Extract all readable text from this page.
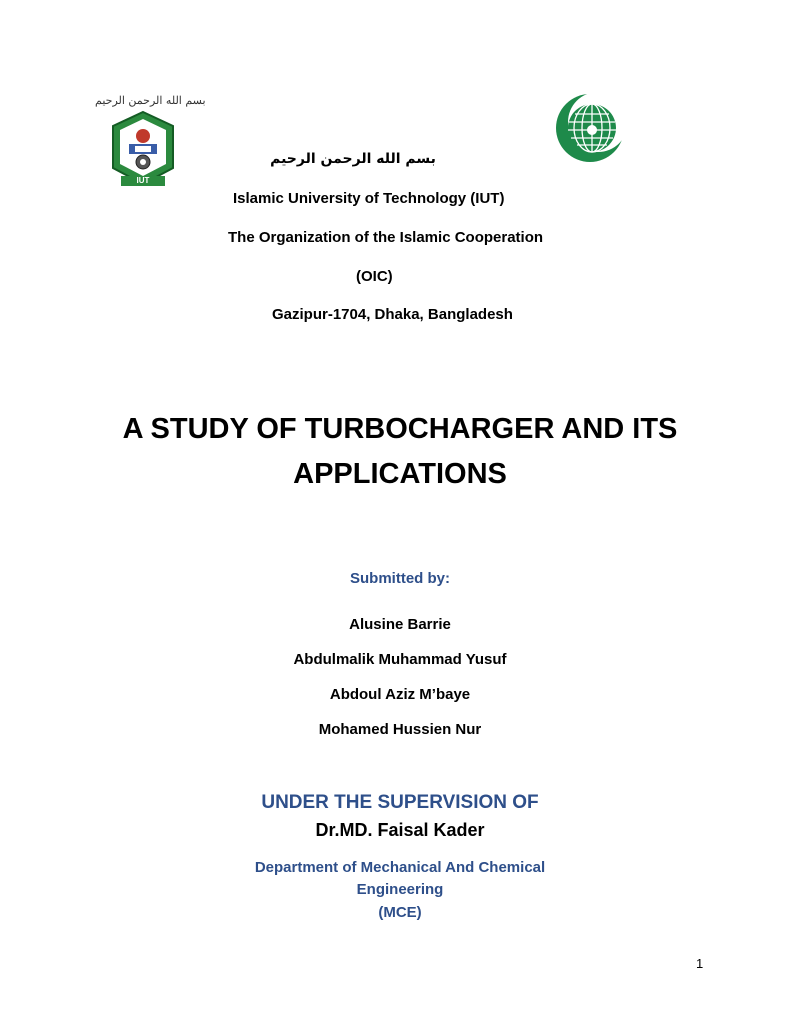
بسم الله الرحمن الرحيم
IUT
بسم الله الرحمن الرحيم
Islamic University of Technology (IUT)
The Organization of the Islamic Cooperation
(OIC)
Gazipur-1704, Dhaka, Bangladesh
A STUDY OF TURBOCHARGER AND ITS
APPLICATIONS
Submitted by:
Alusine Barrie
Abdulmalik Muhammad Yusuf
Abdoul Aziz M’baye
Mohamed Hussien Nur
UNDER THE SUPERVISION OF
Dr.MD. Faisal Kader
Department of Mechanical And Chemical
Engineering
(MCE)
1
